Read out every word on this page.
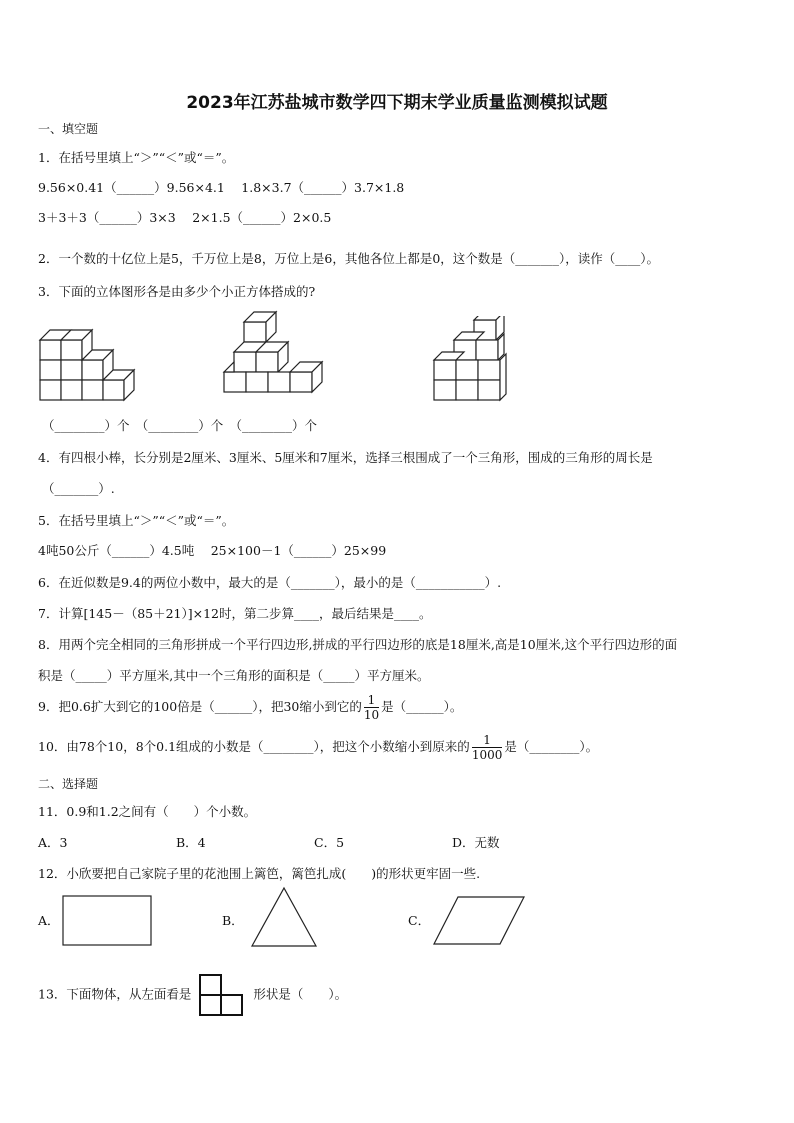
2023年江苏盐城市数学四下期末学业质量监测模拟试题
一、填空题
1．在括号里填上“＞”“＜”或“＝”。
9.56×0.41（______）9.56×4.1　 1.8×3.7（______）3.7×1.8
3＋3＋3（______）3×3　 2×1.5（______）2×0.5
2．一个数的十亿位上是5，千万位上是8，万位上是6，其他各位上都是0，这个数是（_______），读作（____）。
3．下面的立体图形各是由多少个小正方体搭成的?
（________）个　（________）个　（________）个
4．有四根小棒，长分别是2厘米、3厘米、5厘米和7厘米，选择三根围成了一个三角形，围成的三角形的周长是
（_______）.
5．在括号里填上“＞”“＜”或“＝”。
4吨50公斤（______）4.5吨　 25×100－1（______）25×99
6．在近似数是9.4的两位小数中，最大的是（_______），最小的是（___________）.
7．计算[145－（85＋21）]×12时，第二步算____，最后结果是____。
8．用两个完全相同的三角形拼成一个平行四边形,拼成的平行四边形的底是18厘米,高是10厘米,这个平行四边形的面
积是（_____）平方厘米,其中一个三角形的面积是（_____）平方厘米。
9．把0.6扩大到它的100倍是（______），把30缩小到它的 $\frac{1}{10}$ 是（______）。
10．由78个10，8个0.1组成的小数是（________），把这个小数缩小到原来的 $\frac{1}{1000}$ 是（________）。
二、选择题
11．0.9和1.2之间有（　　）个小数。
A．3	B．4	C．5	D．无数
12．小欣要把自己家院子里的花池围上篱笆，篱笆扎成(　　)的形状更牢固一些.
A．	B．	C．
13．下面物体，从左面看是	形状是（　　）。
